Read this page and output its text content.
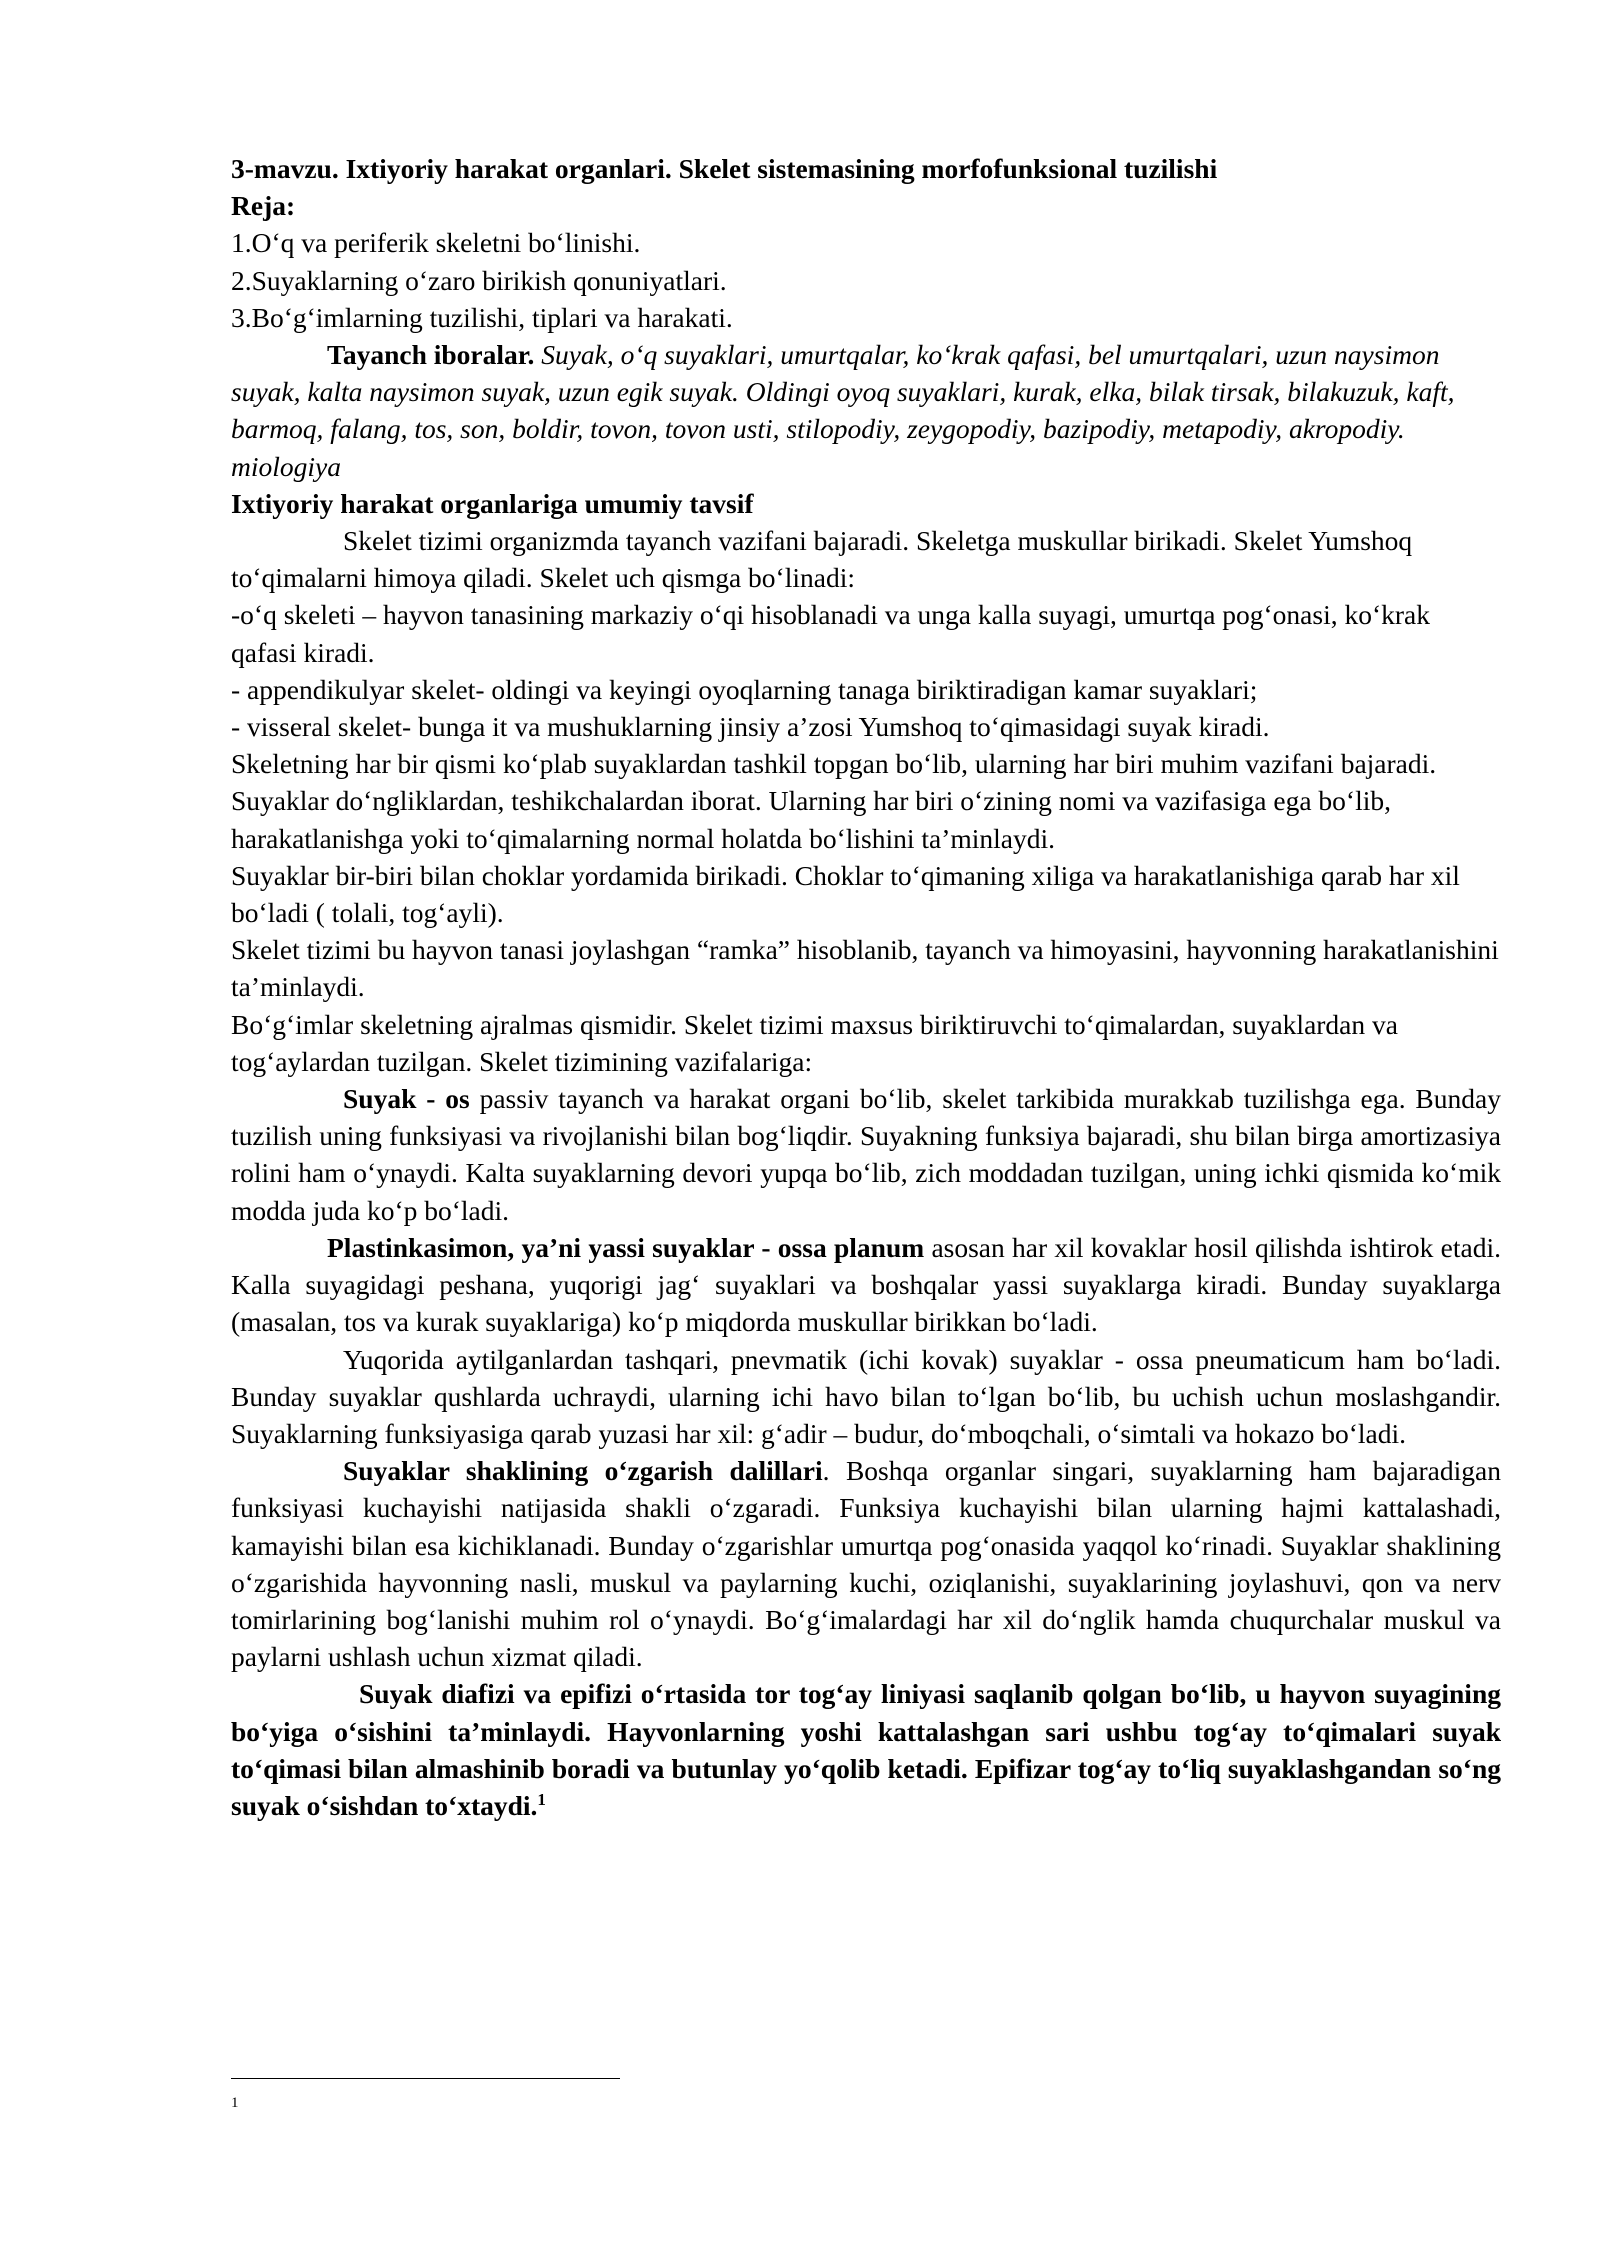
3-mavzu. Ixtiyoriy harakat organlari. Skelet sistemasining morfofunksional tuzilishi

Reja:

1.O‘q va periferik skeletni bo‘linishi.

2.Suyaklarning o‘zaro birikish qonuniyatlari.

3.Bo‘g‘imlarning tuzilishi, tiplari va harakati.

Tayanch iboralar. Suyak, o‘q suyaklari, umurtqalar, ko‘krak qafasi, bel umurtqalari, uzun naysimon suyak, kalta naysimon suyak, uzun egik suyak. Oldingi oyoq suyaklari, kurak, elka, bilak tirsak, bilakuzuk, kaft, barmoq, falang, tos, son, boldir, tovon, tovon usti, stilopodiy, zeygopodiy, bazipodiy, metapodiy, akropodiy. miologiya

Ixtiyoriy harakat organlariga umumiy tavsif

Skelet tizimi organizmda tayanch vazifani bajaradi. Skeletga muskullar birikadi. Skelet Yumshoq to‘qimalarni himoya qiladi. Skelet uch qismga bo‘linadi:

-o‘q skeleti – hayvon tanasining markaziy o‘qi hisoblanadi va unga kalla suyagi, umurtqa pog‘onasi, ko‘krak qafasi kiradi.

- appendikulyar skelet- oldingi va keyingi oyoqlarning tanaga biriktiradigan kamar suyaklari;

- visseral skelet- bunga it va mushuklarning jinsiy a’zosi Yumshoq to‘qimasidagi suyak kiradi.

Skeletning har bir qismi ko‘plab suyaklardan tashkil topgan bo‘lib, ularning har biri muhim vazifani bajaradi.

Suyaklar do‘ngliklardan, teshikchalardan iborat. Ularning har biri o‘zining nomi va vazifasiga ega bo‘lib, harakatlanishga yoki to‘qimalarning normal holatda bo‘lishini ta’minlaydi.

Suyaklar bir-biri bilan choklar yordamida birikadi. Choklar to‘qimaning xiliga va harakatlanishiga qarab har xil bo‘ladi ( tolali, tog‘ayli).

Skelet tizimi bu hayvon tanasi joylashgan “ramka” hisoblanib, tayanch va himoyasini, hayvonning harakatlanishini ta’minlaydi.

Bo‘g‘imlar skeletning ajralmas qismidir. Skelet tizimi maxsus biriktiruvchi to‘qimalardan, suyaklardan va tog‘aylardan tuzilgan. Skelet tizimining vazifalariga:

Suyak - os passiv tayanch va harakat organi bo‘lib, skelet tarkibida murakkab tuzilishga ega. Bunday tuzilish uning funksiyasi va rivojlanishi bilan bog‘liqdir. Suyakning funksiya bajaradi, shu bilan birga amortizasiya rolini ham o‘ynaydi. Kalta suyaklarning devori yupqa bo‘lib, zich moddadan tuzilgan, uning ichki qismida ko‘mik modda juda ko‘p bo‘ladi.

Plastinkasimon, ya’ni yassi suyaklar - ossa planum asosan har xil kovaklar hosil qilishda ishtirok etadi. Kalla suyagidagi peshana, yuqorigi jag‘ suyaklari va boshqalar yassi suyaklarga kiradi. Bunday suyaklarga (masalan, tos va kurak suyaklariga) ko‘p miqdorda muskullar birikkan bo‘ladi.

Yuqorida aytilganlardan tashqari, pnevmatik (ichi kovak) suyaklar - ossa pneumaticum ham bo‘ladi. Bunday suyaklar qushlarda uchraydi, ularning ichi havo bilan to‘lgan bo‘lib, bu uchish uchun moslashgandir. Suyaklarning funksiyasiga qarab yuzasi har xil: g‘adir – budur, do‘mboqchali, o‘simtali va hokazo bo‘ladi.

Suyaklar shaklining o‘zgarish dalillari. Boshqa organlar singari, suyaklarning ham bajaradigan funksiyasi kuchayishi natijasida shakli o‘zgaradi. Funksiya kuchayishi bilan ularning hajmi kattalashadi, kamayishi bilan esa kichiklanadi. Bunday o‘zgarishlar umurtqa pog‘onasida yaqqol ko‘rinadi. Suyaklar shaklining o‘zgarishida hayvonning nasli, muskul va paylarning kuchi, oziqlanishi, suyaklarining joylashuvi, qon va nerv tomirlarining bog‘lanishi muhim rol o‘ynaydi. Bo‘g‘imalardagi har xil do‘nglik hamda chuqurchalar muskul va paylarni ushlash uchun xizmat qiladi.

Suyak diafizi va epifizi o‘rtasida tor tog‘ay liniyasi saqlanib qolgan bo‘lib, u hayvon suyagining bo‘yiga o‘sishini ta’minlaydi. Hayvonlarning yoshi kattalashgan sari ushbu tog‘ay to‘qimalari suyak to‘qimasi bilan almashinib boradi va butunlay yo‘qolib ketadi. Epifizar tog‘ay to‘liq suyaklashgandan so‘ng suyak o‘sishdan to‘xtaydi.$^1$

1
